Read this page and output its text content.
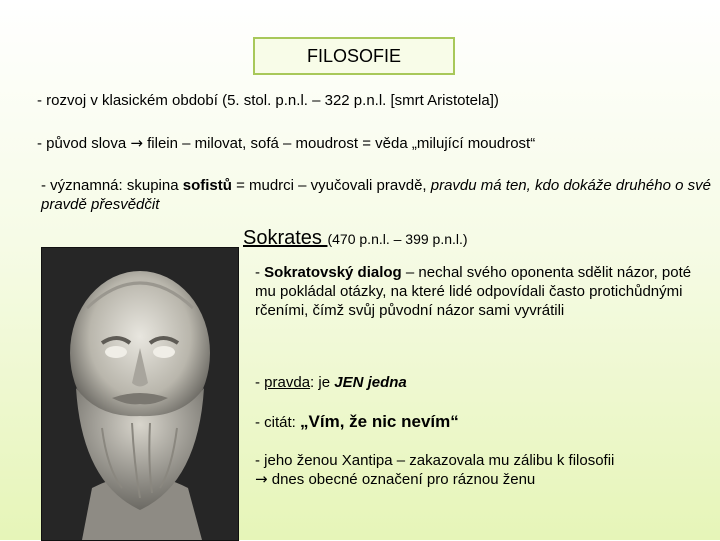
FILOSOFIE
- rozvoj v klasickém období (5. stol. p.n.l. – 322 p.n.l. [smrt Aristotela])
- původ slova → filein – milovat, sofá – moudrost = věda „milující moudrost“
- významná: skupina sofistů = mudrci – vyučovali pravdě, pravdu má ten, kdo dokáže druhého o své pravdě přesvědčit
Sokrates (470 p.n.l. – 399 p.n.l.)
- Sokratovský dialog – nechal svého oponenta sdělit názor, poté mu pokládal otázky, na které lidé odpovídali často protichůdnými rčeními, čímž svůj původní názor sami vyvrátili
- pravda: je JEN jedna
- citát: „Vím, že nic nevím“
- jeho ženou Xantipa – zakazovala mu zálibu k filosofii
→ dnes obecné označení pro ráznou ženu
